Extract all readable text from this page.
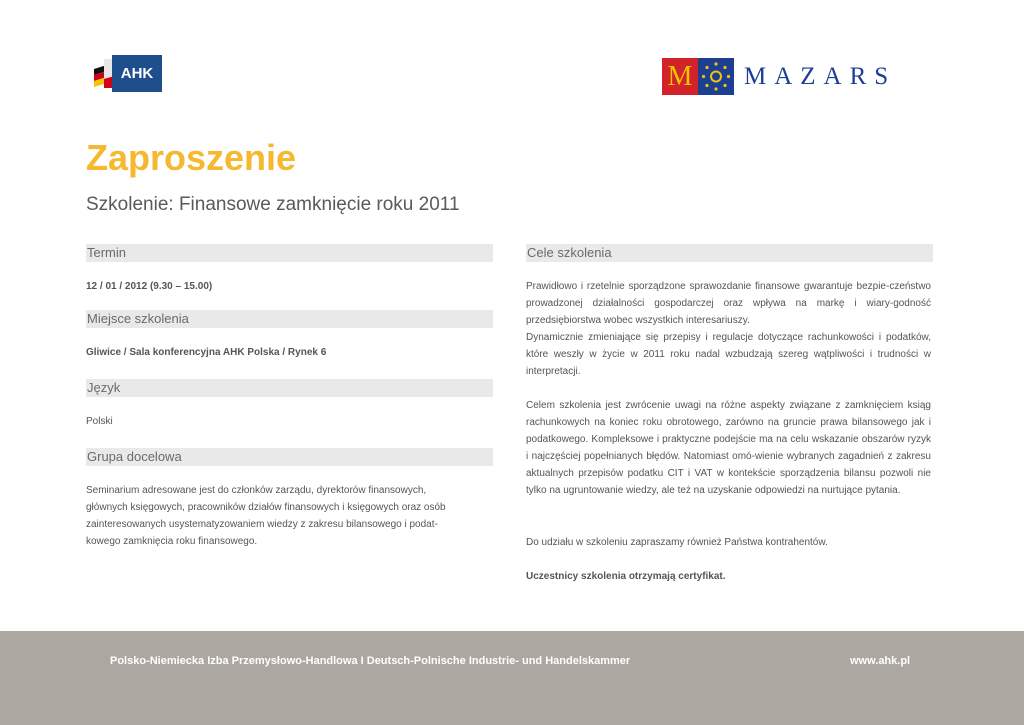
AHK	M MAZARS
Zaproszenie
Szkolenie: Finansowe zamknięcie roku 2011
Termin
12 / 01 / 2012 (9.30 – 15.00)
Miejsce szkolenia
Gliwice / Sala konferencyjna AHK Polska / Rynek 6
Język
Polski
Grupa docelowa
Seminarium adresowane jest do członków zarządu, dyrektorów finansowych,
głównych księgowych, pracowników działów finansowych i księgowych oraz osób
zainteresowanych usystematyzowaniem wiedzy z zakresu bilansowego i podat-
kowego zamknięcia roku finansowego.
Cele szkolenia

Prawidłowo i rzetelnie sporządzone sprawozdanie finansowe gwarantuje bezpie-czeństwo prowadzonej działalności gospodarczej oraz wpływa na markę i wiary-godność przedsiębiorstwa wobec wszystkich interesariuszy.

Dynamicznie zmieniające się przepisy i regulacje dotyczące rachunkowości i podatków, które weszły w życie w 2011 roku nadal wzbudzają szereg wątpliwości i trudności w interpretacji.

Celem szkolenia jest zwrócenie uwagi na różne aspekty związane z zamknięciem ksiąg rachunkowych na koniec roku obrotowego, zarówno na gruncie prawa bilansowego jak i podatkowego. Kompleksowe i praktyczne podejście ma na celu wskazanie obszarów ryzyk i najczęściej popełnianych błędów. Natomiast omó-wienie wybranych zagadnień z zakresu aktualnych przepisów podatku CIT i VAT w kontekście sporządzenia bilansu pozwoli nie tylko na ugruntowanie wiedzy, ale też na uzyskanie odpowiedzi na nurtujące pytania.

Do udziału w szkoleniu zapraszamy również Państwa kontrahentów.

Uczestnicy szkolenia otrzymają certyfikat.

Polsko-Niemiecka Izba Przemysłowo-Handlowa I Deutsch-Polnische Industrie- und Handelskammer	www.ahk.pl
